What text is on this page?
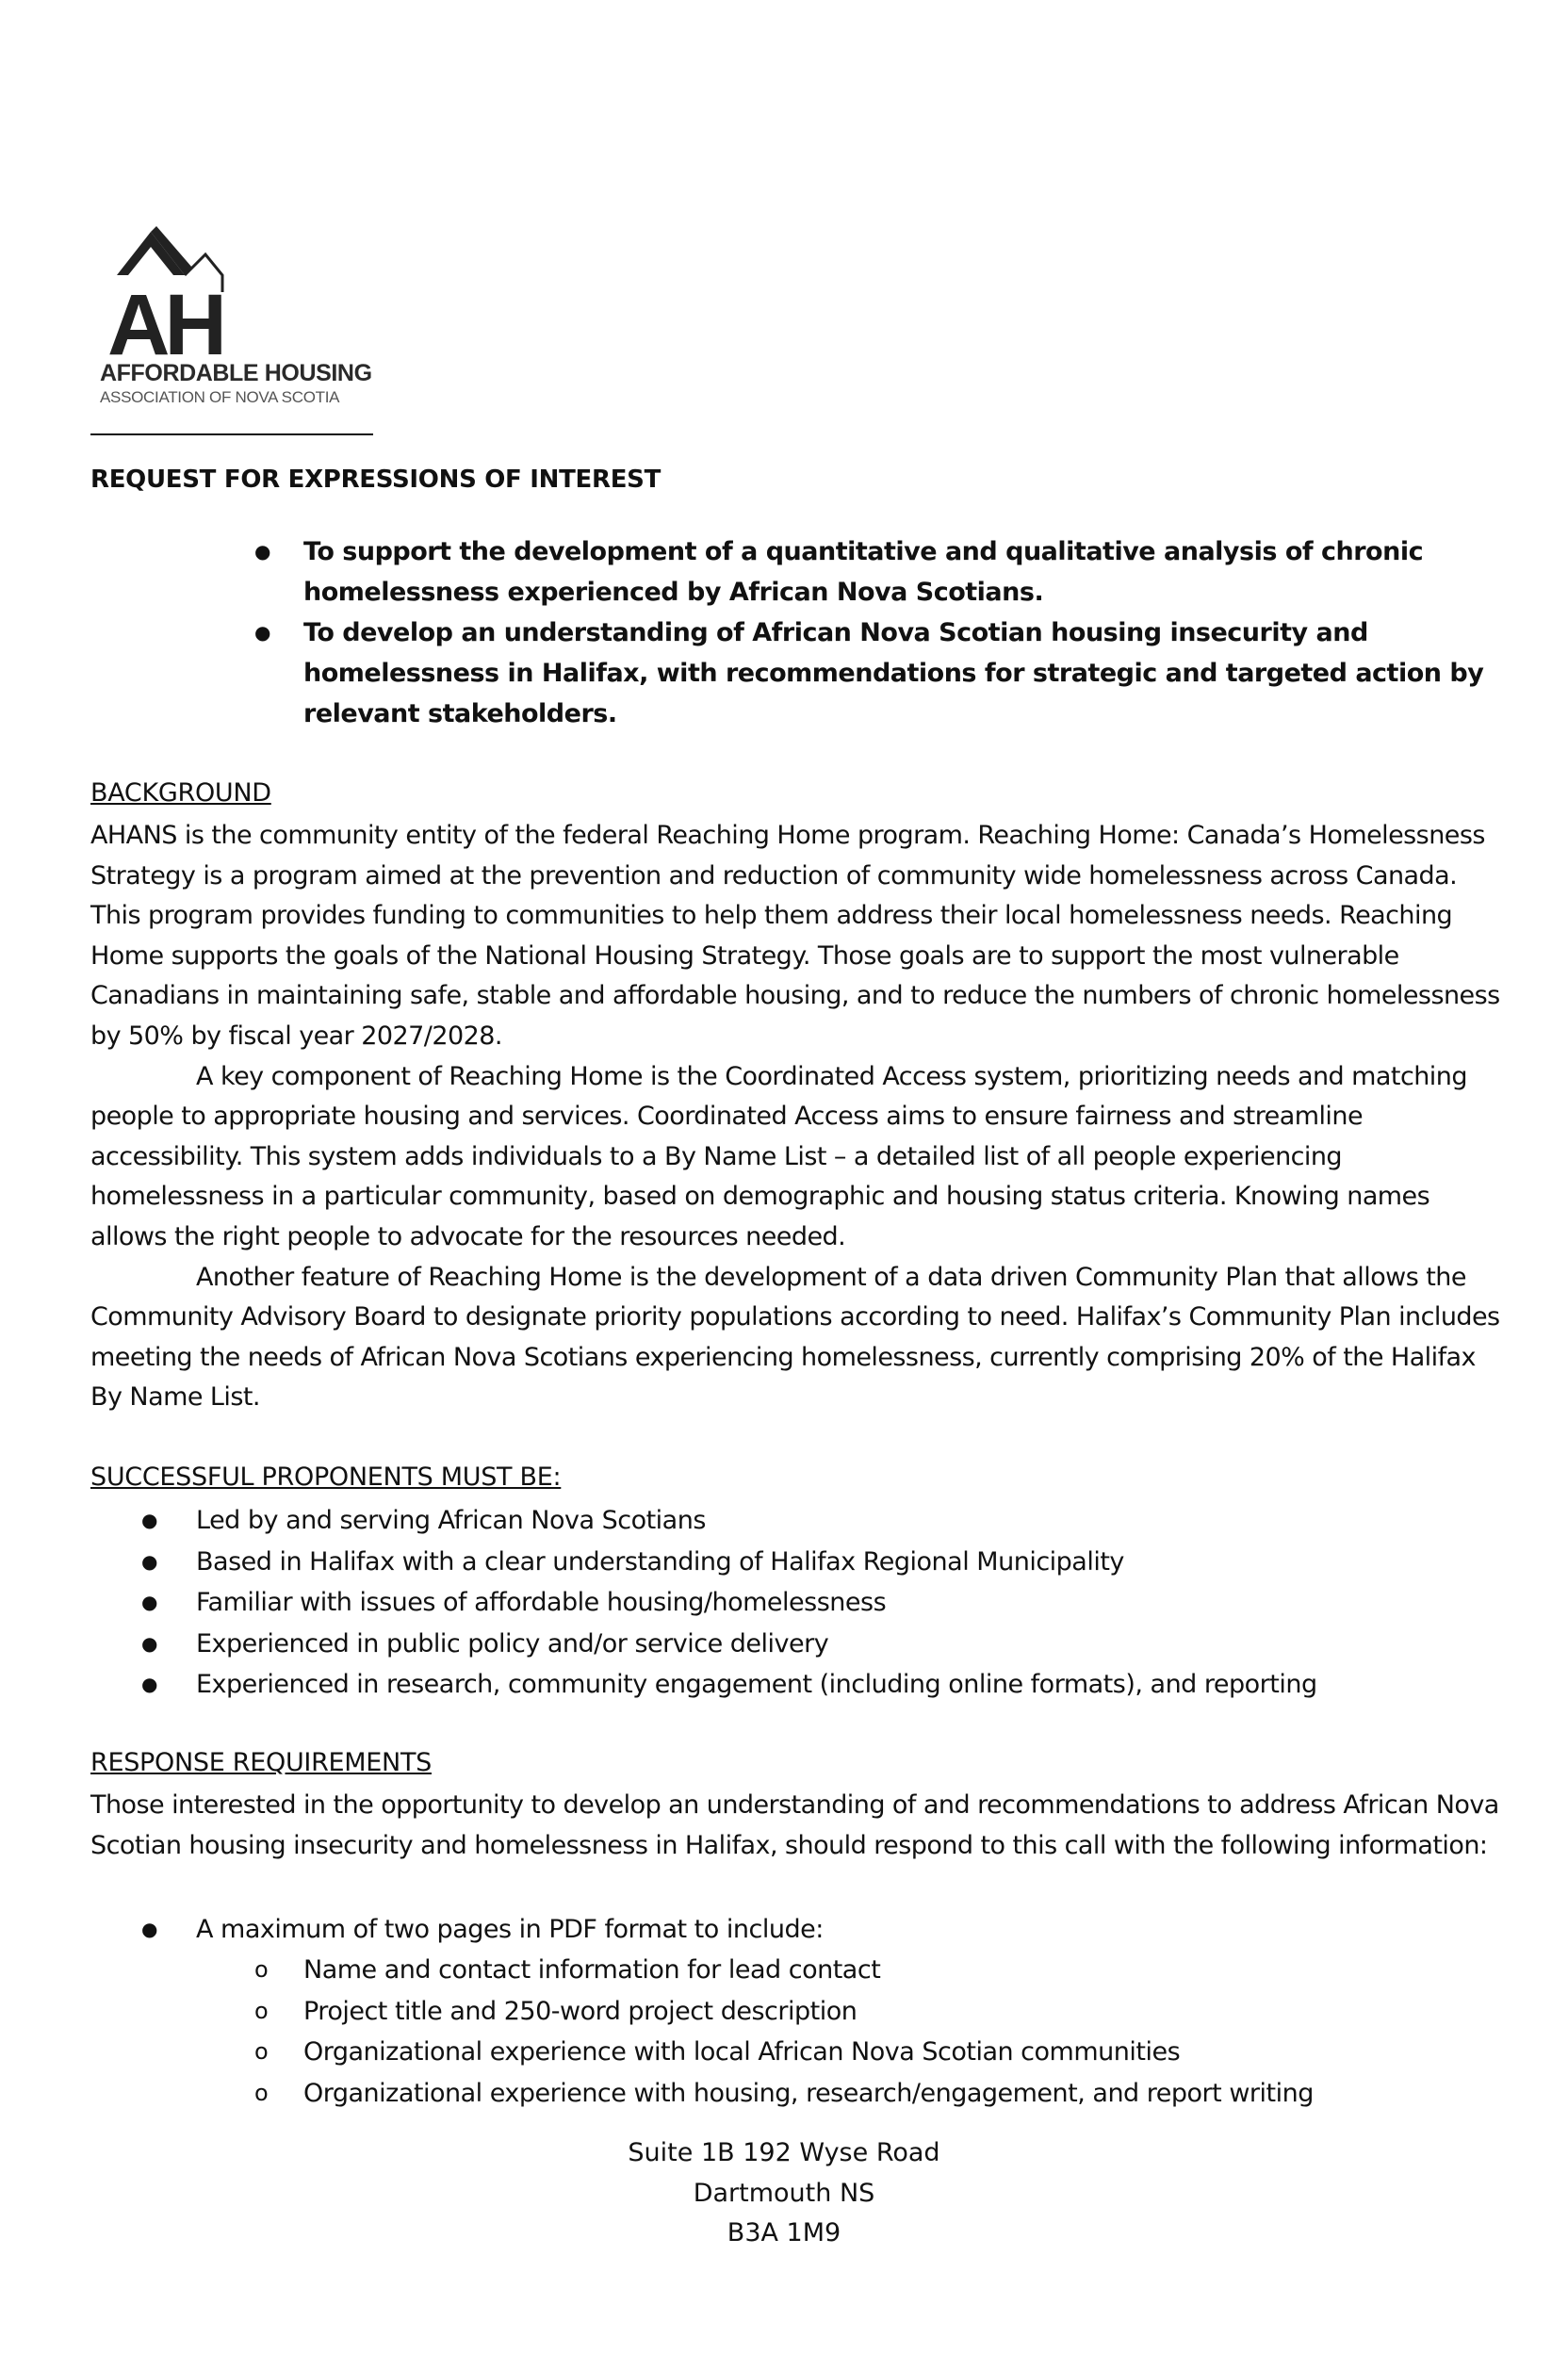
AH
AFFORDABLE HOUSING
ASSOCIATION OF NOVA SCOTIA
REQUEST FOR EXPRESSIONS OF INTEREST
● To support the development of a quantitative and qualitative analysis of chronic homelessness experienced by African Nova Scotians.
● To develop an understanding of African Nova Scotian housing insecurity and homelessness in Halifax, with recommendations for strategic and targeted action by relevant stakeholders.
BACKGROUND

AHANS is the community entity of the federal Reaching Home program. Reaching Home: Canada’s Homelessness Strategy is a program aimed at the prevention and reduction of community wide homelessness across Canada. This program provides funding to communities to help them address their local homelessness needs. Reaching Home supports the goals of the National Housing Strategy. Those goals are to support the most vulnerable Canadians in maintaining safe, stable and affordable housing, and to reduce the numbers of chronic homelessness by 50% by fiscal year 2027/2028.

A key component of Reaching Home is the Coordinated Access system, prioritizing needs and matching people to appropriate housing and services. Coordinated Access aims to ensure fairness and streamline accessibility. This system adds individuals to a By Name List – a detailed list of all people experiencing homelessness in a particular community, based on demographic and housing status criteria. Knowing names allows the right people to advocate for the resources needed.

Another feature of Reaching Home is the development of a data driven Community Plan that allows the Community Advisory Board to designate priority populations according to need. Halifax’s Community Plan includes meeting the needs of African Nova Scotians experiencing homelessness, currently comprising 20% of the Halifax By Name List.

SUCCESSFUL PROPONENTS MUST BE:
● Led by and serving African Nova Scotians
● Based in Halifax with a clear understanding of Halifax Regional Municipality
● Familiar with issues of affordable housing/homelessness
● Experienced in public policy and/or service delivery
● Experienced in research, community engagement (including online formats), and reporting
RESPONSE REQUIREMENTS

Those interested in the opportunity to develop an understanding of and recommendations to address African Nova Scotian housing insecurity and homelessness in Halifax, should respond to this call with the following information:

● A maximum of two pages in PDF format to include:
o Name and contact information for lead contact
o Project title and 250-word project description
o Organizational experience with local African Nova Scotian communities
o Organizational experience with housing, research/engagement, and report writing
Suite 1B 192 Wyse Road
Dartmouth NS
B3A 1M9
